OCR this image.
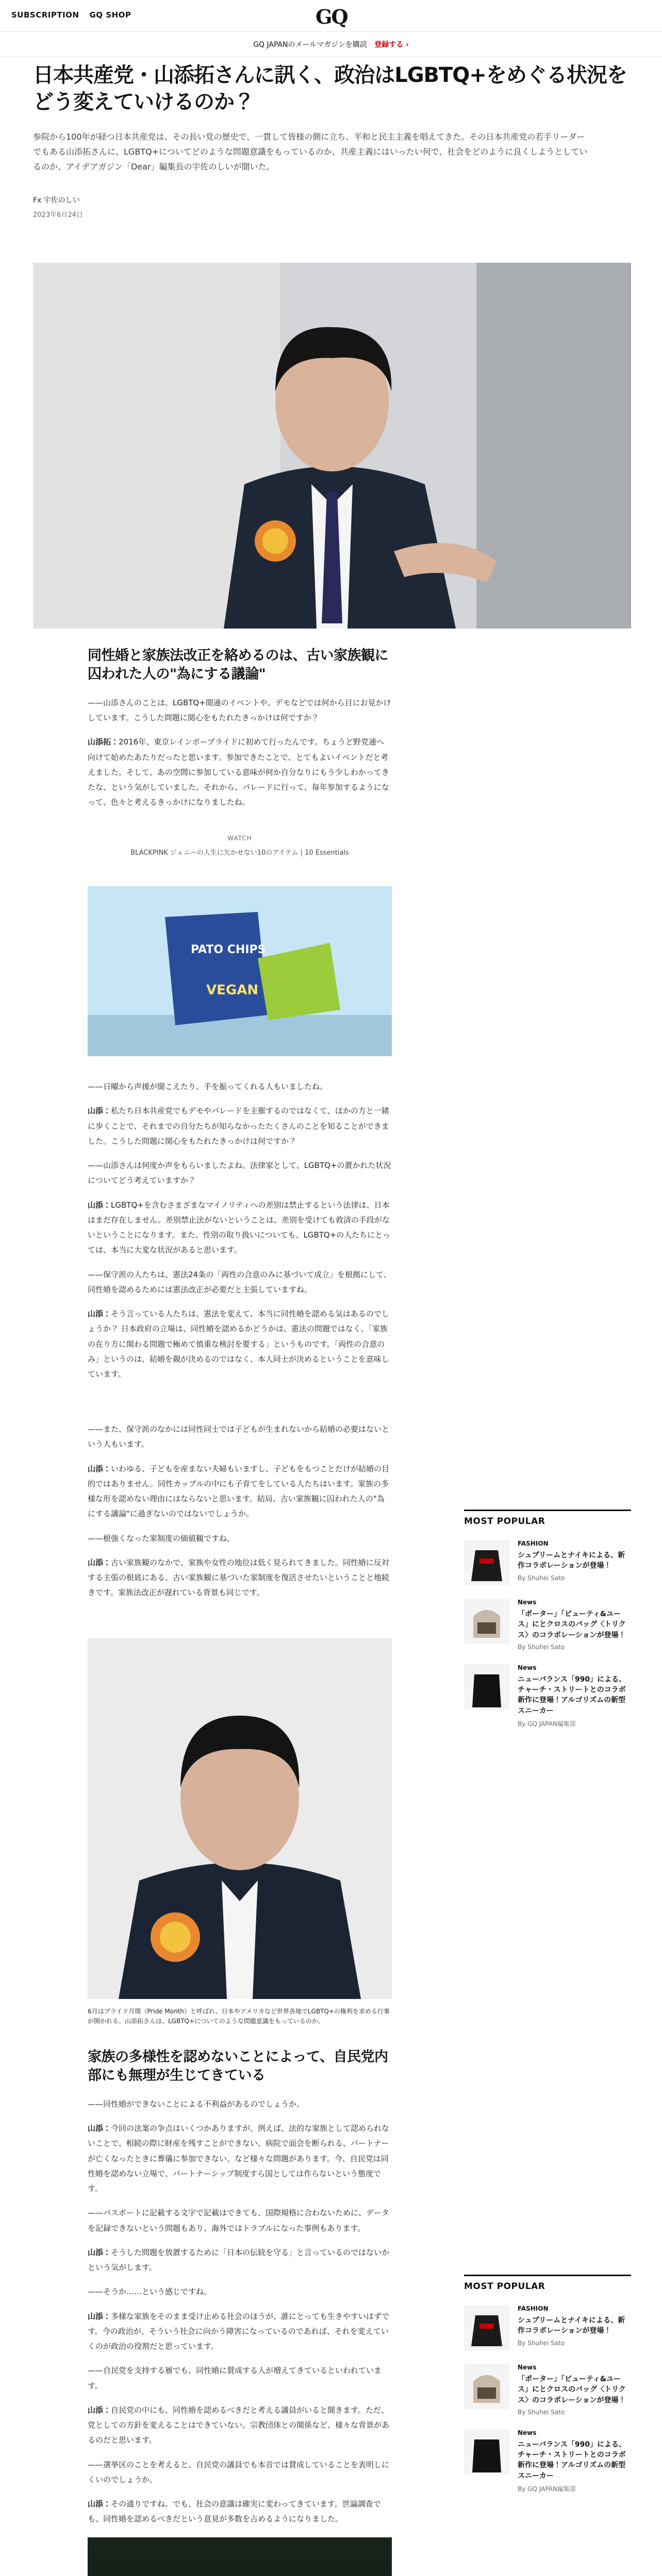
SUBSCRIPTION GQ SHOP	GQ
GQ JAPANのメールマガジンを購読 登録する ›
日本共産党・山添拓さんに訊く、政治はLGBTQ+をめぐる状況をどう変えていけるのか？

参院から100年が経つ日本共産党は、その長い党の歴史で、一貫して皆様の側に立ち、平和と民主主義を唱えてきた。その日本共産党の若手リーダーでもある山添拓さんに、LGBTQ+についてどのような問題意識をもっているのか、共産主義にはいったい何で、社会をどのように良くしようとしているのか、アイデアガジン「Dear」編集長の宇佐のしいが聞いた。

Fx 宇佐のしい
2023年6月24日
同性婚と家族法改正を絡めるのは、古い家族観に囚われた人の"為にする議論"

——山添さんのことは、LGBTQ+関連のイベントや、デモなどでは何から目にお見かけしています。こうした問題に関心をもたれたきっかけは何ですか？

山添拓：2016年、東京レインボープライドに初めて行ったんです。ちょうど野党連へ向けて始めたあたりだったと思います。参加できたことで、とてもよいイベントだと考えました。そして、あの空間に参加している意味が何か自分なりにもう少しわかってきたな、という気がしていました。それから、パレードに行って、毎年参加するようになって、色々と考えるきっかけになりましたね。

WATCH
BLACKPINK ジェニーの人生に欠かせない10のアイテム | 10 Essentials
PATO CHIPS
VEGAN

——日曜から声援が聞こえたり、手を振ってくれる人もいましたね。

山添：私たち日本共産党でもデモやパレードを主催するのではなくて、ほかの方と一緒に歩くことで、それまでの自分たちが知らなかったたくさんのことを知ることができました。こうした問題に関心をもたれたきっかけは何ですか？

——山添さんは何度か声をもらいましたよね。法律家として、LGBTQ+の置かれた状況についてどう考えていますか？

山添：LGBTQ+を含むさまざまなマイノリティへの差別は禁止するという法律は、日本はまだ存在しません。差別禁止法がないということは、差別を受けても救済の手段がないということになります。また、性別の取り扱いについても、LGBTQ+の人たちにとっては、本当に大変な状況があると思います。

——保守派の人たちは、憲法24条の「両性の合意のみに基づいて成立」を根拠にして、同性婚を認めるためには憲法改正が必要だと主張していますね。

山添：そう言っている人たちは、憲法を変えて、本当に同性婚を認める気はあるのでしょうか？ 日本政府の立場は、同性婚を認めるかどうかは、憲法の問題ではなく、「家族の在り方に関わる問題で極めて慎重な検討を要する」というものです。「両性の合意のみ」というのは、結婚を親が決めるのではなく、本人同士が決めるということを意味しています。

——また、保守派のなかには同性同士では子どもが生まれないから結婚の必要はないという人もいます。

山添：いわゆる、子どもを産まない夫婦もいますし、子どもをもつことだけが結婚の目的ではありません。同性カップルの中にも子育てをしている人たちはいます。家族の多様な形を認めない理由にはならないと思います。結局、古い家族観に囚われた人の"為にする議論"に過ぎないのではないでしょうか。

——根強くなった家制度の価値観ですね。

山添：古い家族観のなかで、家族や女性の地位は低く見られてきました。同性婚に反対する主張の根底にある、古い家族観に基づいた家制度を復活させたいということと地続きです。家族法改正が遅れている背景も同じです。

6月はプライド月間（Pride Month）と呼ばれ、日本やアメリカなど世界各地でLGBTQ+の権利を求める行事が開かれる。山添拓さんは、LGBTQ+についてのような問題意識をもっているのか。
家族の多様性を認めないことによって、自民党内部にも無理が生じてきている

——同性婚ができないことによる不利益があるのでしょうか。

山添：今回の法案の争点はいくつかありますが、例えば、法的な家族として認められないことで、相続の際に財産を残すことができない、病院で面会を断られる、パートナーが亡くなったときに葬儀に参加できない、など様々な問題があります。今、自民党は同性婚を認めない立場で、パートナーシップ制度すら国としては作らないという態度です。

——パスポートに記載する文字で記載はできても、国際規格に合わないために、データを記録できないという問題もあり、海外ではトラブルになった事例もあります。

山添：そうした問題を放置するために「日本の伝統を守る」と言っているのではないかという気がします。

——そうか……という感じですね。

山添：多様な家族をそのまま受け止める社会のほうが、誰にとっても生きやすいはずです。今の政治が、そういう社会に向かう障害になっているのであれば、それを変えていくのが政治の役割だと思っています。

——自民党を支持する層でも、同性婚に賛成する人が増えてきているといわれています。

山添：自民党の中にも、同性婚を認めるべきだと考える議員がいると聞きます。ただ、党としての方針を変えることはできていない。宗教団体との関係など、様々な背景があるのだと思います。

——選挙区のことを考えると、自民党の議員でも本音では賛成していることを表明しにくいのでしょうか。

山添：その通りですね。でも、社会の意識は確実に変わってきています。世論調査でも、同性婚を認めるべきだという意見が多数を占めるようになりました。

MOST POPULAR
FASHION
シュプリームとナイキによる、新作コラボレーションが登場！
By Shuhei Sato
News
「ポーター」「ビューティ&ユース」にとクロスのバッグ〈トリクス〉のコラボレーションが登場！
By Shuhei Sato
News
ニューバランス「990」による、チャーチ・ストリートとのコラボ新作に登場！アルゴリズムの新型スニーカー
By GQ JAPAN編集部
MOST POPULAR
FASHION
シュプリームとナイキによる、新作コラボレーションが登場！
By Shuhei Sato
News
「ポーター」「ビューティ&ユース」にとクロスのバッグ〈トリクス〉のコラボレーションが登場！
By Shuhei Sato
News
ニューバランス「990」による、チャーチ・ストリートとのコラボ新作に登場！アルゴリズムの新型スニーカー
By GQ JAPAN編集部
